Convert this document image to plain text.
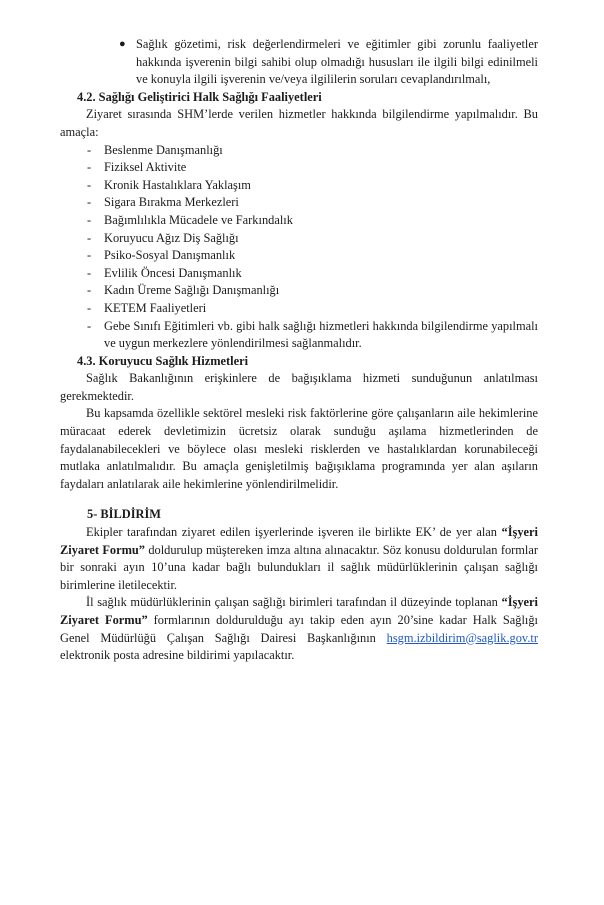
● Sağlık gözetimi, risk değerlendirmeleri ve eğitimler gibi zorunlu faaliyetler hakkında işverenin bilgi sahibi olup olmadığı hususları ile ilgili bilgi edinilmeli ve konuyla ilgili işverenin ve/veya ilgililerin soruları cevaplandırılmalı,
4.2. Sağlığı Geliştirici Halk Sağlığı Faaliyetleri
Ziyaret sırasında SHM’lerde verilen hizmetler hakkında bilgilendirme yapılmalıdır. Bu amaçla:
- Beslenme Danışmanlığı
- Fiziksel Aktivite
- Kronik Hastalıklara Yaklaşım
- Sigara Bırakma Merkezleri
- Bağımlılıkla Mücadele ve Farkındalık
- Koruyucu Ağız Diş Sağlığı
- Psiko-Sosyal Danışmanlık
- Evlilik Öncesi Danışmanlık
- Kadın Üreme Sağlığı Danışmanlığı
- KETEM Faaliyetleri
- Gebe Sınıfı Eğitimleri vb. gibi halk sağlığı hizmetleri hakkında bilgilendirme yapılmalı ve uygun merkezlere yönlendirilmesi sağlanmalıdır.
4.3. Koruyucu Sağlık Hizmetleri
Sağlık Bakanlığının erişkinlere de bağışıklama hizmeti sunduğunun anlatılması gerekmektedir.
Bu kapsamda özellikle sektörel mesleki risk faktörlerine göre çalışanların aile hekimlerine müracaat ederek devletimizin ücretsiz olarak sunduğu aşılama hizmetlerinden de faydalanabilecekleri ve böylece olası mesleki risklerden ve hastalıklardan korunabileceği mutlaka anlatılmalıdır. Bu amaçla genişletilmiş bağışıklama programında yer alan aşıların faydaları anlatılarak aile hekimlerine yönlendirilmelidir.
5- BİLDİRİM
Ekipler tarafından ziyaret edilen işyerlerinde işveren ile birlikte EK’ de yer alan “İşyeri Ziyaret Formu” doldurulup müştereken imza altına alınacaktır. Söz konusu doldurulan formlar bir sonraki ayın 10’una kadar bağlı bulundukları il sağlık müdürlüklerinin çalışan sağlığı birimlerine iletilecektir.
İl sağlık müdürlüklerinin çalışan sağlığı birimleri tarafından il düzeyinde toplanan “İşyeri Ziyaret Formu” formlarının doldurulduğu ayı takip eden ayın 20’sine kadar Halk Sağlığı Genel Müdürlüğü Çalışan Sağlığı Dairesi Başkanlığının hsgm.izbildirim@saglik.gov.tr elektronik posta adresine bildirimi yapılacaktır.
